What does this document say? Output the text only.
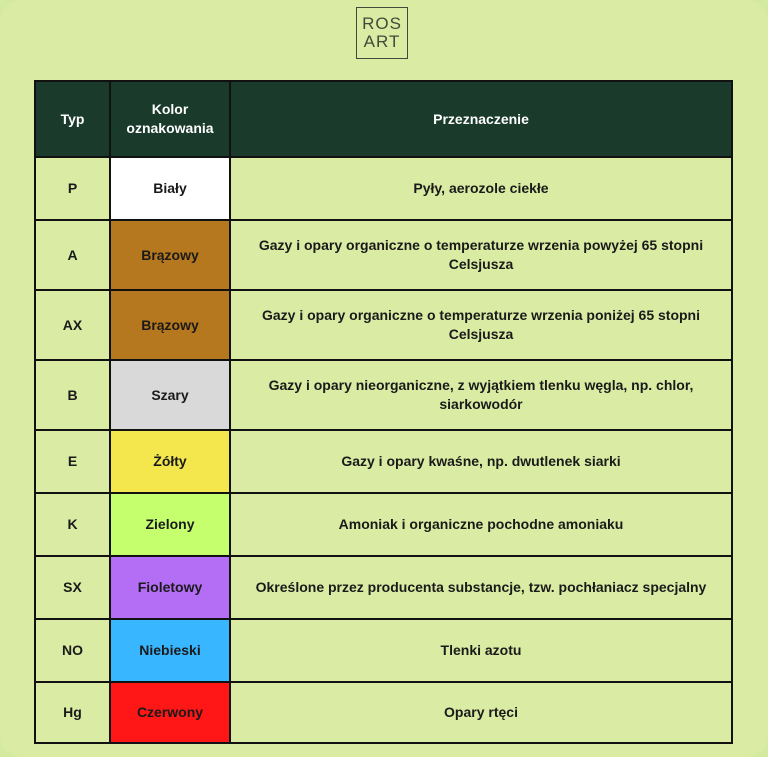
ROS
ART
Typ	Kolor oznakowania	Przeznaczenie
P	Biały	Pyły, aerozole ciekłe
A	Brązowy	Gazy i opary organiczne o temperaturze wrzenia powyżej 65 stopni Celsjusza
AX	Brązowy	Gazy i opary organiczne o temperaturze wrzenia poniżej 65 stopni Celsjusza
B	Szary	Gazy i opary nieorganiczne, z wyjątkiem tlenku węgla, np. chlor, siarkowodór
E	Żółty	Gazy i opary kwaśne, np. dwutlenek siarki
K	Zielony	Amoniak i organiczne pochodne amoniaku
SX	Fioletowy	Określone przez producenta substancje, tzw. pochłaniacz specjalny
NO	Niebieski	Tlenki azotu
Hg	Czerwony	Opary rtęci
